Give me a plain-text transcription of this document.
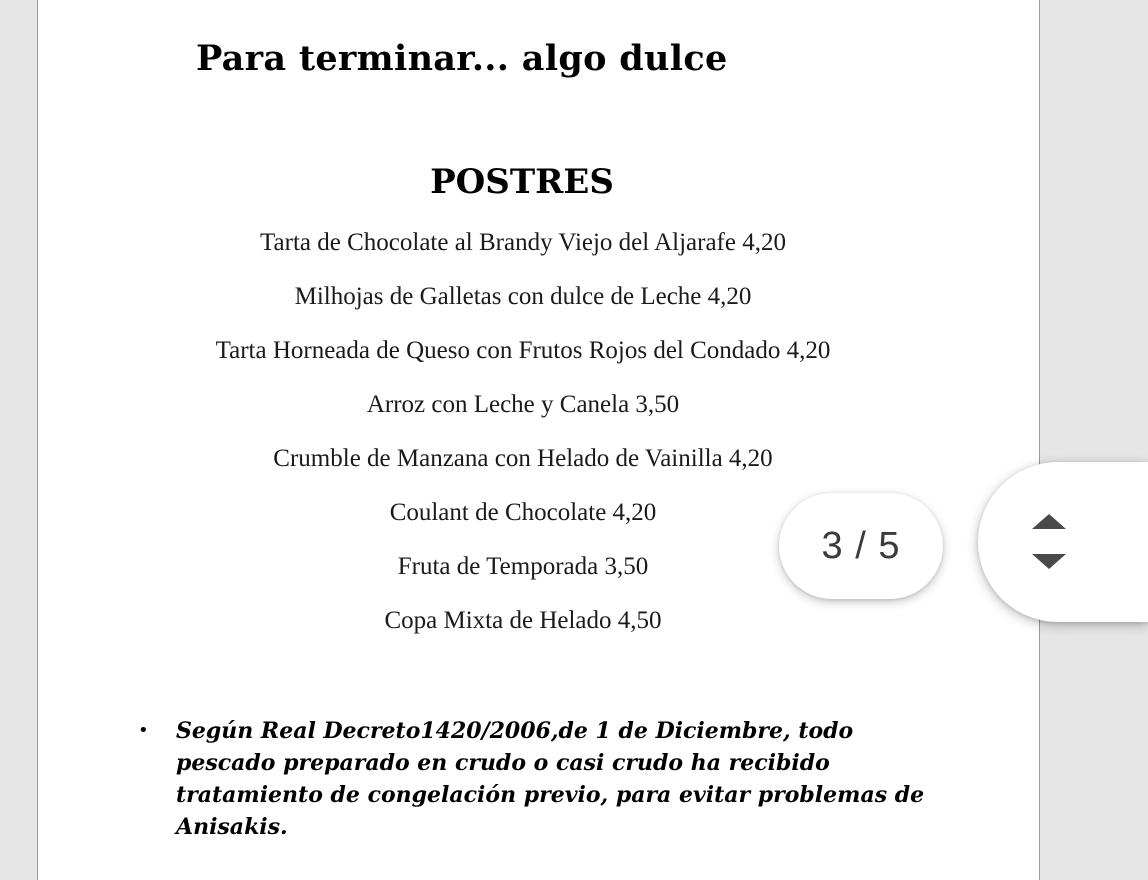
Para terminar... algo dulce
POSTRES
Tarta de Chocolate al Brandy Viejo del Aljarafe 4,20
Milhojas de Galletas con dulce de Leche 4,20
Tarta Horneada de Queso con Frutos Rojos del Condado 4,20
Arroz con Leche y Canela 3,50
Crumble de Manzana con Helado de Vainilla 4,20
Coulant de Chocolate 4,20
Fruta de Temporada 3,50
Copa Mixta de Helado 4,50
•	Según Real Decreto1420/2006,de 1 de Diciembre, todo pescado preparado en crudo o casi crudo ha recibido tratamiento de congelación previo, para evitar problemas de Anisakis.
3 / 5
